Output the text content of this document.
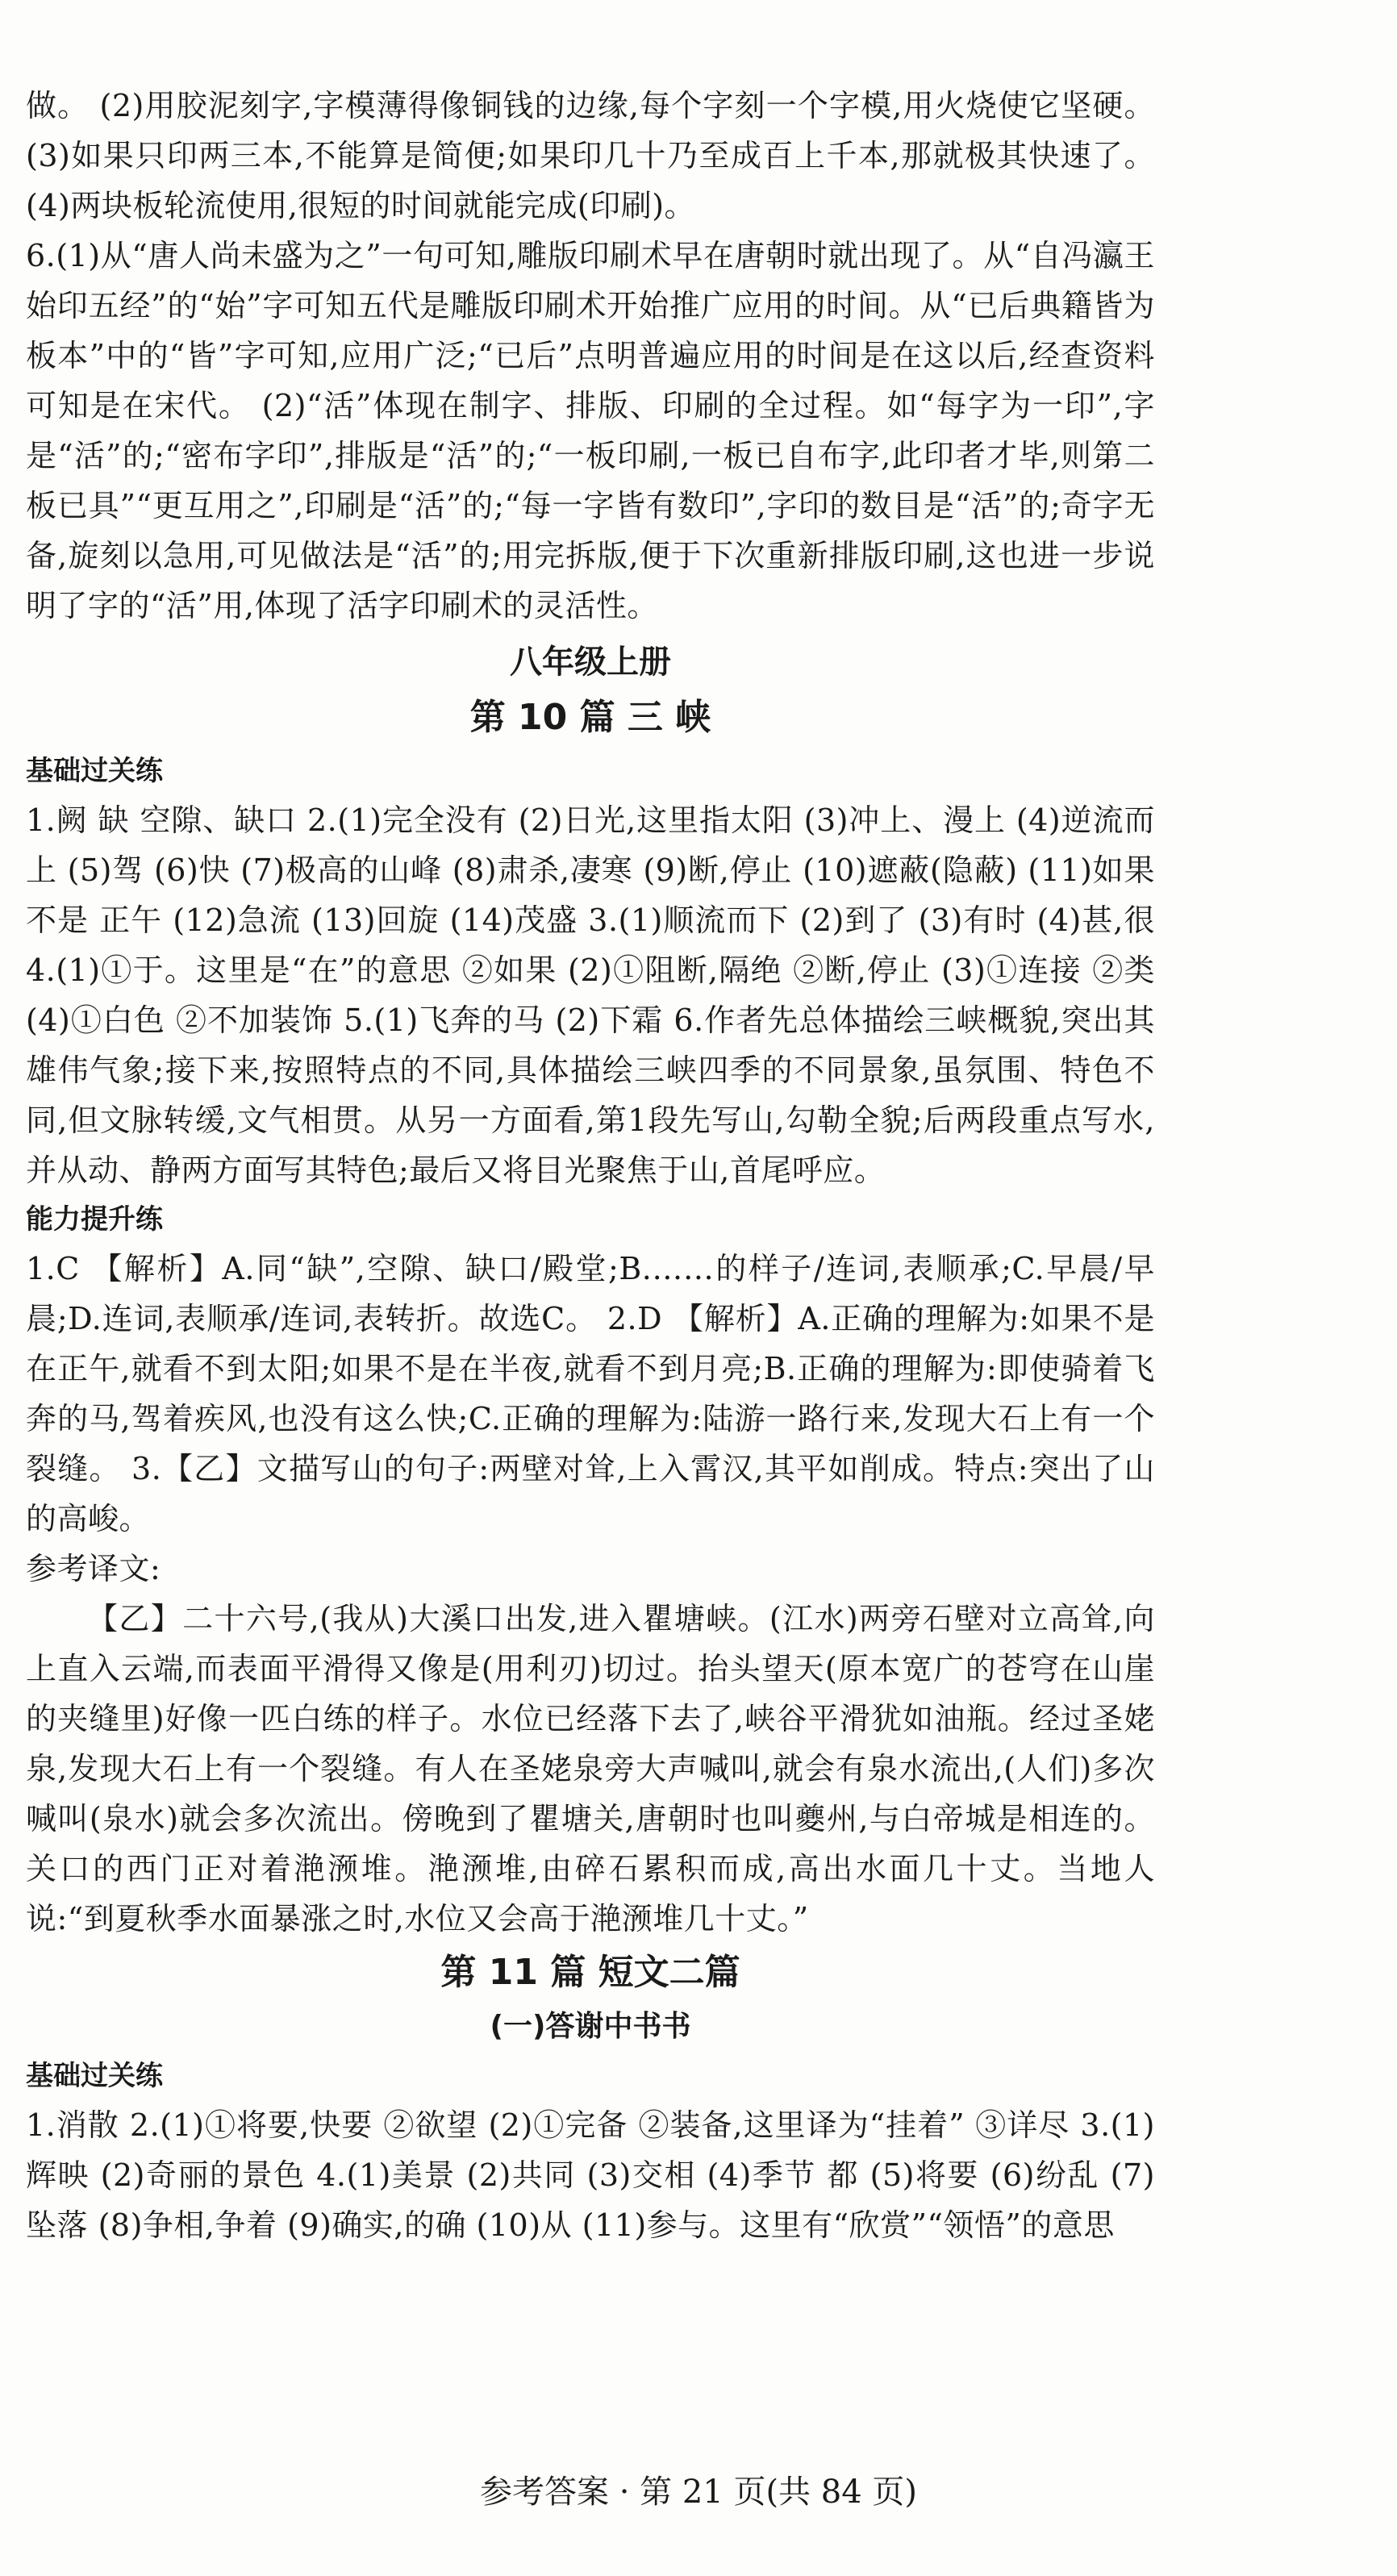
做。 (2)用胶泥刻字,字模薄得像铜钱的边缘,每个字刻一个字模,用火烧使它坚硬。 (3)如果只印两三本,不能算是简便;如果印几十乃至成百上千本,那就极其快速了。 (4)两块板轮流使用,很短的时间就能完成(印刷)。

6.(1)从“唐人尚未盛为之”一句可知,雕版印刷术早在唐朝时就出现了。从“自冯瀛王始印五经”的“始”字可知五代是雕版印刷术开始推广应用的时间。从“已后典籍皆为板本”中的“皆”字可知,应用广泛;“已后”点明普遍应用的时间是在这以后,经查资料可知是在宋代。 (2)“活”体现在制字、排版、印刷的全过程。如“每字为一印”,字是“活”的;“密布字印”,排版是“活”的;“一板印刷,一板已自布字,此印者才毕,则第二板已具”“更互用之”,印刷是“活”的;“每一字皆有数印”,字印的数目是“活”的;奇字无备,旋刻以急用,可见做法是“活”的;用完拆版,便于下次重新排版印刷,这也进一步说明了字的“活”用,体现了活字印刷术的灵活性。

八年级上册
第 10 篇 三 峡
基础过关练

1.阙 缺 空隙、缺口 2.(1)完全没有 (2)日光,这里指太阳 (3)冲上、漫上 (4)逆流而上 (5)驾 (6)快 (7)极高的山峰 (8)肃杀,凄寒 (9)断,停止 (10)遮蔽(隐蔽) (11)如果不是 正午 (12)急流 (13)回旋 (14)茂盛 3.(1)顺流而下 (2)到了 (3)有时 (4)甚,很 4.(1)①于。这里是“在”的意思 ②如果 (2)①阻断,隔绝 ②断,停止 (3)①连接 ②类 (4)①白色 ②不加装饰 5.(1)飞奔的马 (2)下霜 6.作者先总体描绘三峡概貌,突出其雄伟气象;接下来,按照特点的不同,具体描绘三峡四季的不同景象,虽氛围、特色不同,但文脉转缓,文气相贯。从另一方面看,第1段先写山,勾勒全貌;后两段重点写水,并从动、静两方面写其特色;最后又将目光聚焦于山,首尾呼应。

能力提升练

1.C 【解析】A.同“缺”,空隙、缺口/殿堂;B.……的样子/连词,表顺承;C.早晨/早晨;D.连词,表顺承/连词,表转折。故选C。 2.D 【解析】A.正确的理解为:如果不是在正午,就看不到太阳;如果不是在半夜,就看不到月亮;B.正确的理解为:即使骑着飞奔的马,驾着疾风,也没有这么快;C.正确的理解为:陆游一路行来,发现大石上有一个裂缝。 3.【乙】文描写山的句子:两壁对耸,上入霄汉,其平如削成。特点:突出了山的高峻。

参考译文:

【乙】二十六号,(我从)大溪口出发,进入瞿塘峡。(江水)两旁石壁对立高耸,向上直入云端,而表面平滑得又像是(用利刃)切过。抬头望天(原本宽广的苍穹在山崖的夹缝里)好像一匹白练的样子。水位已经落下去了,峡谷平滑犹如油瓶。经过圣姥泉,发现大石上有一个裂缝。有人在圣姥泉旁大声喊叫,就会有泉水流出,(人们)多次喊叫(泉水)就会多次流出。傍晚到了瞿塘关,唐朝时也叫夔州,与白帝城是相连的。关口的西门正对着滟滪堆。滟滪堆,由碎石累积而成,高出水面几十丈。当地人说:“到夏秋季水面暴涨之时,水位又会高于滟滪堆几十丈。”

第 11 篇 短文二篇
(一)答谢中书书
基础过关练

1.消散 2.(1)①将要,快要 ②欲望 (2)①完备 ②装备,这里译为“挂着” ③详尽 3.(1)辉映 (2)奇丽的景色 4.(1)美景 (2)共同 (3)交相 (4)季节 都 (5)将要 (6)纷乱 (7)坠落 (8)争相,争着 (9)确实,的确 (10)从 (11)参与。这里有“欣赏”“领悟”的意思

参考答案 · 第 21 页(共 84 页)
